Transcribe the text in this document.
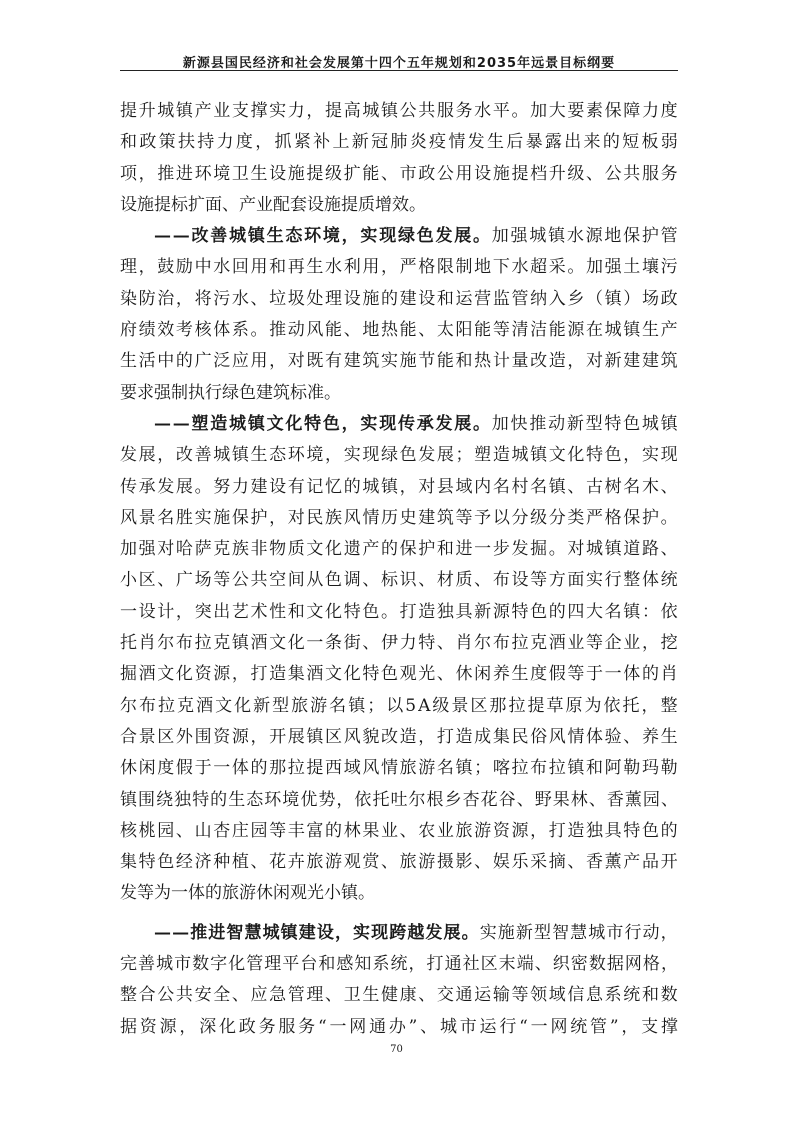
新源县国民经济和社会发展第十四个五年规划和2035年远景目标纲要
提 升 城 镇 产 业 支 撑 实 力 ， 提 高 城 镇 公 共 服 务 水 平 。 加 大 要 素 保 障 力 度
和 政 策 扶 持 力 度 ， 抓 紧 补 上 新 冠 肺 炎 疫 情 发 生 后 暴 露 出 来 的 短 板 弱
项 ， 推 进 环 境 卫 生 设 施 提 级 扩 能 、 市 政 公 用 设 施 提 档 升 级 、 公 共 服 务
设 施 提 标 扩 面 、 产 业 配 套 设 施 提 质 增 效 。
— — 改 善 城 镇 生 态 环 境 ， 实 现 绿 色 发 展 。 加 强 城 镇 水 源 地 保 护 管
理 ， 鼓 励 中 水 回 用 和 再 生 水 利 用 ， 严 格 限 制 地 下 水 超 采 。 加 强 土 壤 污
染 防 治 ， 将 污 水 、 垃 圾 处 理 设 施 的 建 设 和 运 营 监 管 纳 入 乡 （ 镇 ） 场 政
府 绩 效 考 核 体 系 。 推 动 风 能 、 地 热 能 、 太 阳 能 等 清 洁 能 源 在 城 镇 生 产
生 活 中 的 广 泛 应 用 ， 对 既 有 建 筑 实 施 节 能 和 热 计 量 改 造 ， 对 新 建 建 筑
要 求 强 制 执 行 绿 色 建 筑 标 准 。
— — 塑 造 城 镇 文 化 特 色 ， 实 现 传 承 发 展 。 加 快 推 动 新 型 特 色 城 镇
发 展 ， 改 善 城 镇 生 态 环 境 ， 实 现 绿 色 发 展 ； 塑 造 城 镇 文 化 特 色 ， 实 现
传 承 发 展 。 努 力 建 设 有 记 忆 的 城 镇 ， 对 县 域 内 名 村 名 镇 、 古 树 名 木 、
风 景 名 胜 实 施 保 护 ， 对 民 族 风 情 历 史 建 筑 等 予 以 分 级 分 类 严 格 保 护 。
加 强 对 哈 萨 克 族 非 物 质 文 化 遗 产 的 保 护 和 进 一 步 发 掘 。 对 城 镇 道 路 、
小 区 、 广 场 等 公 共 空 间 从 色 调 、 标 识 、 材 质 、 布 设 等 方 面 实 行 整 体 统
一 设 计 ， 突 出 艺 术 性 和 文 化 特 色 。 打 造 独 具 新 源 特 色 的 四 大 名 镇 ： 依
托 肖 尔 布 拉 克 镇 酒 文 化 一 条 街 、 伊 力 特 、 肖 尔 布 拉 克 酒 业 等 企 业 ， 挖
掘 酒 文 化 资 源 ， 打 造 集 酒 文 化 特 色 观 光 、 休 闲 养 生 度 假 等 于 一 体 的 肖
尔 布 拉 克 酒 文 化 新 型 旅 游 名 镇 ； 以 5 A 级 景 区 那 拉 提 草 原 为 依 托 ， 整
合 景 区 外 围 资 源 ， 开 展 镇 区 风 貌 改 造 ， 打 造 成 集 民 俗 风 情 体 验 、 养 生
休 闲 度 假 于 一 体 的 那 拉 提 西 域 风 情 旅 游 名 镇 ； 喀 拉 布 拉 镇 和 阿 勒 玛 勒
镇 围 绕 独 特 的 生 态 环 境 优 势 ， 依 托 吐 尔 根 乡 杏 花 谷 、 野 果 林 、 香 薰 园 、
核 桃 园 、 山 杏 庄 园 等 丰 富 的 林 果 业 、 农 业 旅 游 资 源 ， 打 造 独 具 特 色 的
集 特 色 经 济 种 植 、 花 卉 旅 游 观 赏 、 旅 游 摄 影 、 娱 乐 采 摘 、 香 薰 产 品 开
发 等 为 一 体 的 旅 游 休 闲 观 光 小 镇 。
— — 推 进 智 慧 城 镇 建 设 ， 实 现 跨 越 发 展 。 实 施 新 型 智 慧 城 市 行 动 ，
完 善 城 市 数 字 化 管 理 平 台 和 感 知 系 统 ， 打 通 社 区 末 端 、 织 密 数 据 网 格 ，
整 合 公 共 安 全 、 应 急 管 理 、 卫 生 健 康 、 交 通 运 输 等 领 域 信 息 系 统 和 数
据 资 源 ， 深 化 政 务 服 务 “ 一 网 通 办 ” 、 城 市 运 行 “ 一 网 统 管 ” ， 支 撑
70
